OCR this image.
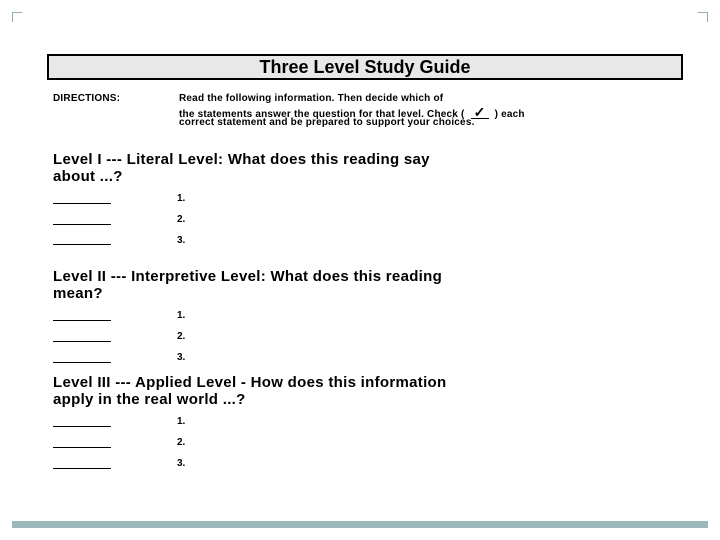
Three Level Study Guide
DIRECTIONS:	Read the following information. Then decide which of
the statements answer the question for that level. Check ( ✓ ) each
correct statement and be prepared to support your choices.
Level I --- Literal Level: What does this reading say
about ...?
1.
2.
3.
Level II --- Interpretive Level: What does this reading
mean?
1.
2.
3.
Level III --- Applied Level - How does this information
apply in the real world ...?
1.
2.
3.
